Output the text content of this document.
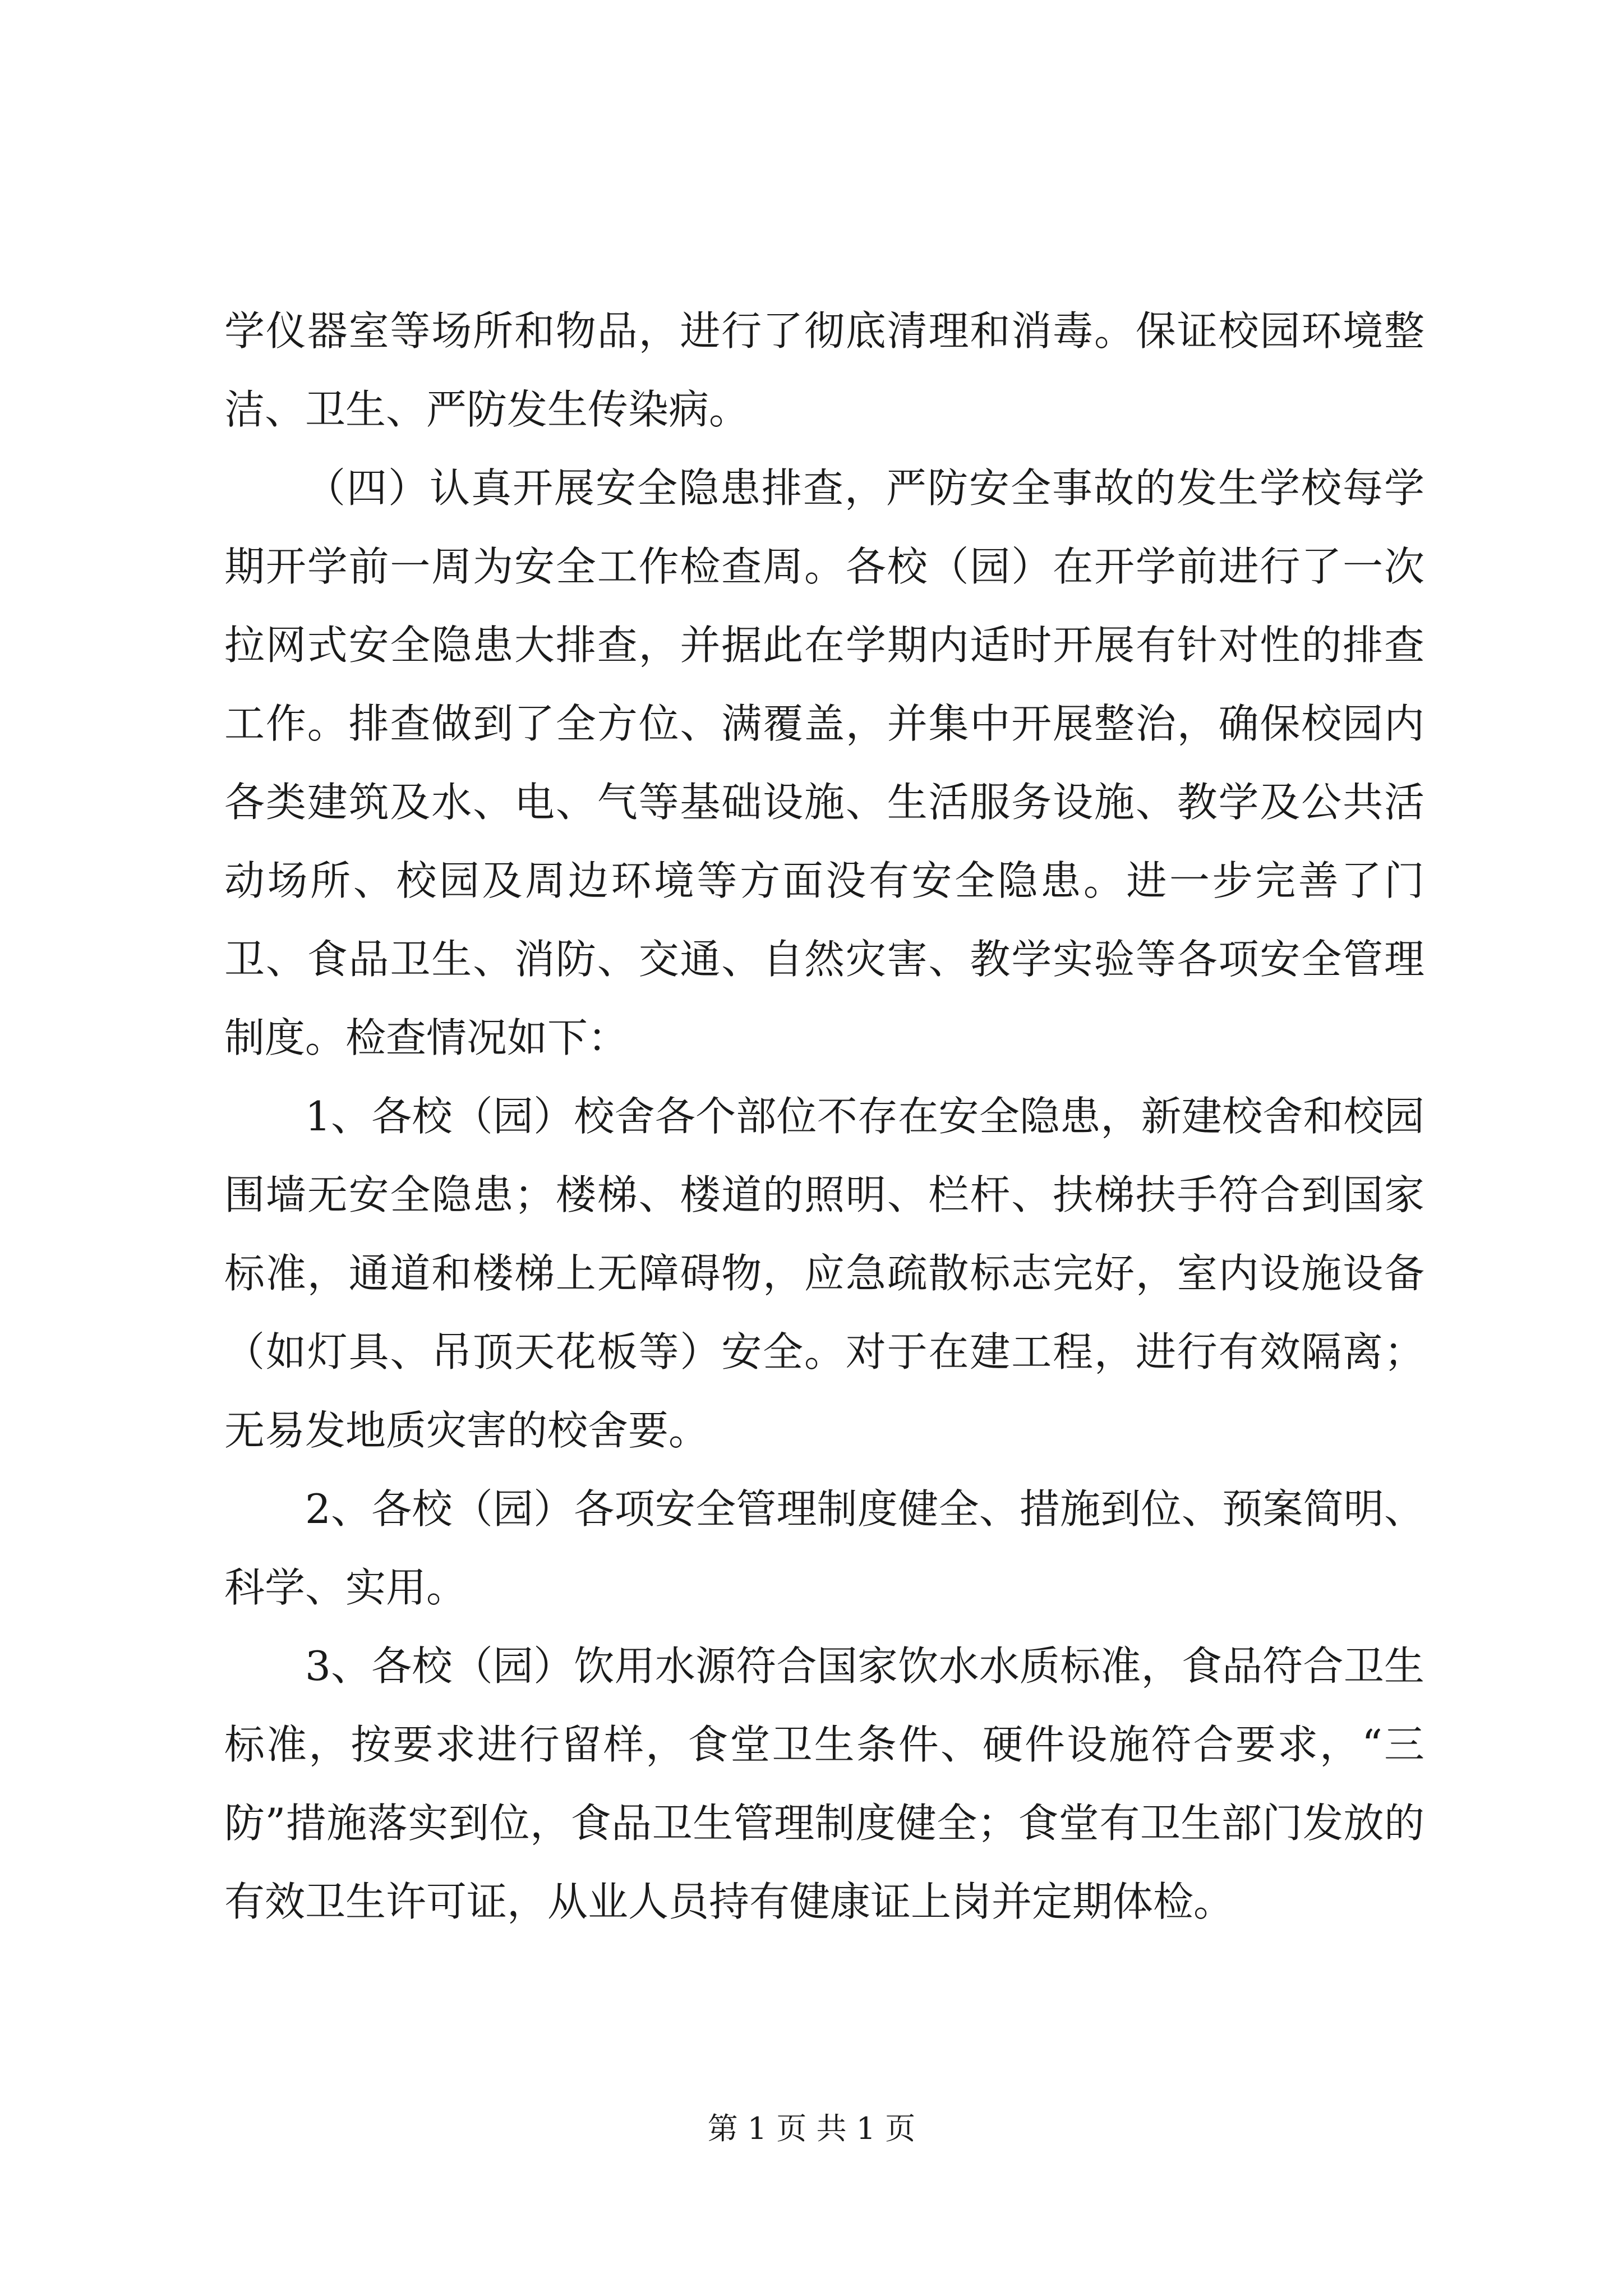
学仪器室等场所和物品，进行了彻底清理和消毒。保证校园环境整洁、卫生、严防发生传染病。

（四）认真开展安全隐患排查，严防安全事故的发生学校每学期开学前一周为安全工作检查周。各校（园）在开学前进行了一次拉网式安全隐患大排查，并据此在学期内适时开展有针对性的排查工作。排查做到了全方位、满覆盖，并集中开展整治，确保校园内各类建筑及水、电、气等基础设施、生活服务设施、教学及公共活动场所、校园及周边环境等方面没有安全隐患。进一步完善了门卫、食品卫生、消防、交通、自然灾害、教学实验等各项安全管理制度。检查情况如下：

1、各校（园）校舍各个部位不存在安全隐患，新建校舍和校园围墙无安全隐患；楼梯、楼道的照明、栏杆、扶梯扶手符合到国家标准，通道和楼梯上无障碍物，应急疏散标志完好，室内设施设备（如灯具、吊顶天花板等）安全。对于在建工程，进行有效隔离；无易发地质灾害的校舍要。

2、各校（园）各项安全管理制度健全、措施到位、预案简明、科学、实用。

3、各校（园）饮用水源符合国家饮水水质标准，食品符合卫生标准，按要求进行留样，食堂卫生条件、硬件设施符合要求，“三防”措施落实到位，食品卫生管理制度健全；食堂有卫生部门发放的有效卫生许可证，从业人员持有健康证上岗并定期体检。

第 1 页 共 1 页
